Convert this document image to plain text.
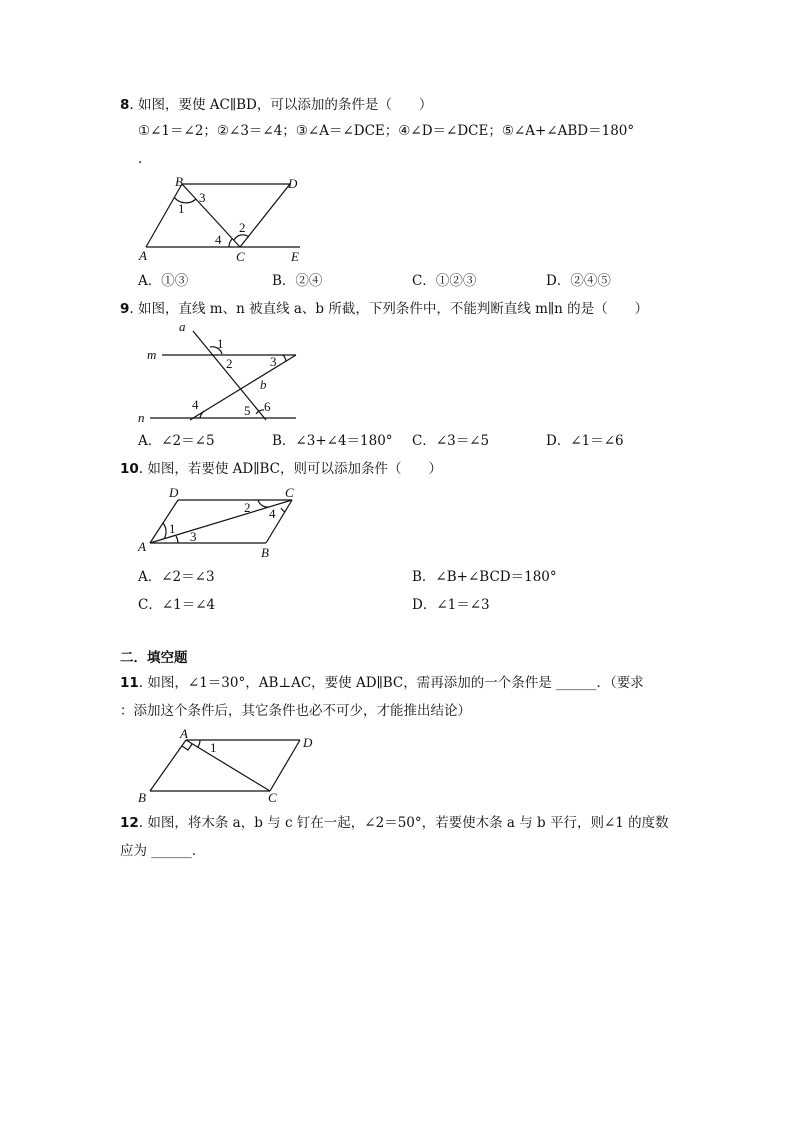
8. 如图，要使 AC∥BD，可以添加的条件是（　　）
①∠1＝∠2；②∠3＝∠4；③∠A＝∠DCE；④∠D＝∠DCE；⑤∠A+∠ABD＝180°
.
B	D
A	C	E
1
2
3
4
A．①③	B．②④	C．①②③	D．②④⑤
9. 如图，直线 m、n 被直线 a、b 所截，下列条件中，不能判断直线 m∥n 的是（　　）
a
m
n
b
1
2	3
4	5 6
A．∠2＝∠5	B．∠3+∠4＝180° C．∠3＝∠5	D．∠1＝∠6
10. 如图，若要使 AD∥BC，则可以添加条件（　　）
D	C
A	B
1
2
3
4
A．∠2＝∠3	B．∠B+∠BCD＝180°
C．∠1＝∠4	D．∠1＝∠3
二．填空题
11. 如图，∠1＝30°，AB⊥AC，要使 AD∥BC，需再添加的一个条件是 ______．（要求
：添加这个条件后，其它条件也必不可少，才能推出结论）
A
D
B	C
1
12. 如图，将木条 a，b 与 c 钉在一起，∠2＝50°，若要使木条 a 与 b 平行，则∠1 的度数
应为 ______.
